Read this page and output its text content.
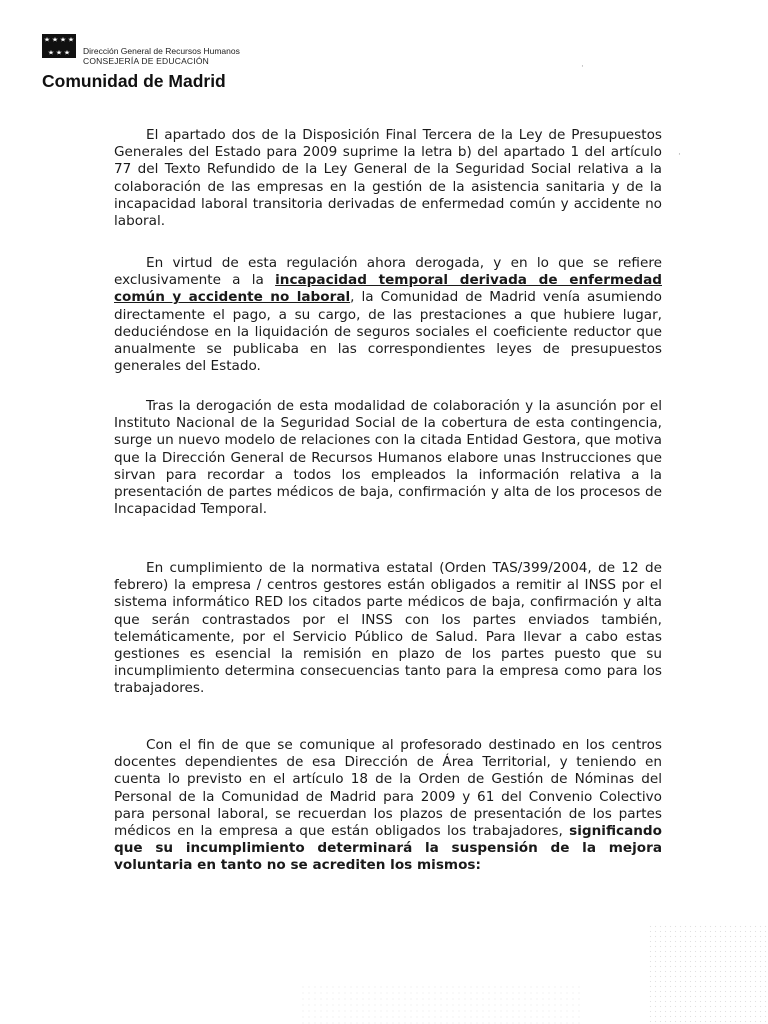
Dirección General de Recursos Humanos
CONSEJERÍA DE EDUCACIÓN
Comunidad de Madrid
·
·

El apartado dos de la Disposición Final Tercera de la Ley de Presupuestos Generales del Estado para 2009 suprime la letra b) del apartado 1 del artículo 77 del Texto Refundido de la Ley General de la Seguridad Social relativa a la colaboración de las empresas en la gestión de la asistencia sanitaria y de la incapacidad laboral transitoria derivadas de enfermedad común y accidente no laboral.

En virtud de esta regulación ahora derogada, y en lo que se refiere exclusivamente a la incapacidad temporal derivada de enfermedad común y accidente no laboral, la Comunidad de Madrid venía asumiendo directamente el pago, a su cargo, de las prestaciones a que hubiere lugar, deduciéndose en la liquidación de seguros sociales el coeficiente reductor que anualmente se publicaba en las correspondientes leyes de presupuestos generales del Estado.

Tras la derogación de esta modalidad de colaboración y la asunción por el Instituto Nacional de la Seguridad Social de la cobertura de esta contingencia, surge un nuevo modelo de relaciones con la citada Entidad Gestora, que motiva que la Dirección General de Recursos Humanos elabore unas Instrucciones que sirvan para recordar a todos los empleados la información relativa a la presentación de partes médicos de baja, confirmación y alta de los procesos de Incapacidad Temporal.

En cumplimiento de la normativa estatal (Orden TAS/399/2004, de 12 de febrero) la empresa / centros gestores están obligados a remitir al INSS por el sistema informático RED los citados parte médicos de baja, confirmación y alta que serán contrastados por el INSS con los partes enviados también, telemáticamente, por el Servicio Público de Salud. Para llevar a cabo estas gestiones es esencial la remisión en plazo de los partes puesto que su incumplimiento determina consecuencias tanto para la empresa como para los trabajadores.

Con el fin de que se comunique al profesorado destinado en los centros docentes dependientes de esa Dirección de Área Territorial, y teniendo en cuenta lo previsto en el artículo 18 de la Orden de Gestión de Nóminas del Personal de la Comunidad de Madrid para 2009 y 61 del Convenio Colectivo para personal laboral, se recuerdan los plazos de presentación de los partes médicos en la empresa a que están obligados los trabajadores, significando que su incumplimiento determinará la suspensión de la mejora voluntaria en tanto no se acrediten los mismos:
